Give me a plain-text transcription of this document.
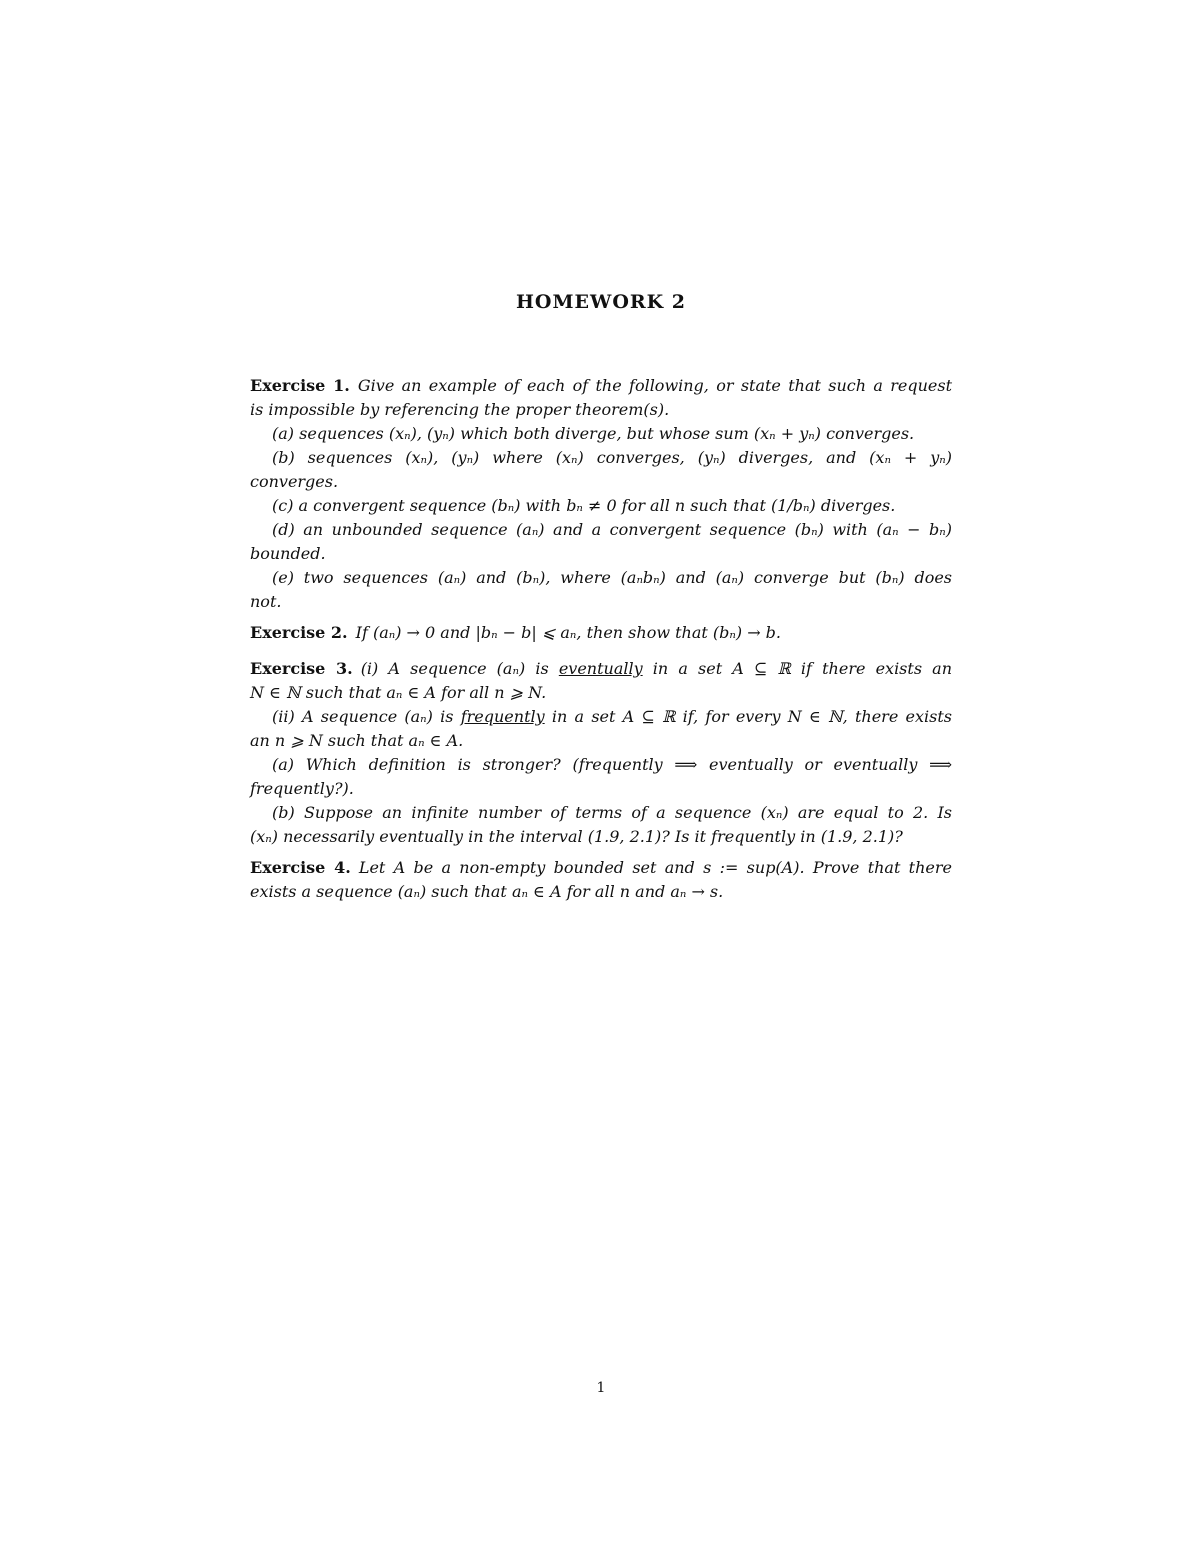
HOMEWORK 2
Exercise 1. Give an example of each of the following, or state that such a request
is impossible by referencing the proper theorem(s).
(a) sequences (xₙ), (yₙ) which both diverge, but whose sum (xₙ + yₙ) converges.
(b) sequences (xₙ), (yₙ) where (xₙ) converges, (yₙ) diverges, and (xₙ + yₙ)
converges.
(c) a convergent sequence (bₙ) with bₙ ≠ 0 for all n such that (1/bₙ) diverges.
(d) an unbounded sequence (aₙ) and a convergent sequence (bₙ) with (aₙ − bₙ)
bounded.
(e) two sequences (aₙ) and (bₙ), where (aₙbₙ) and (aₙ) converge but (bₙ) does
not.
Exercise 2. If (aₙ) → 0 and |bₙ − b| ⩽ aₙ, then show that (bₙ) → b.
Exercise 3. (i) A sequence (aₙ) is eventually in a set A ⊆ ℝ if there exists an
N ∈ ℕ such that aₙ ∈ A for all n ⩾ N.
(ii) A sequence (aₙ) is frequently in a set A ⊆ ℝ if, for every N ∈ ℕ, there exists
an n ⩾ N such that aₙ ∈ A.
(a) Which definition is stronger? (frequently ⟹ eventually or eventually ⟹
frequently?).
(b) Suppose an infinite number of terms of a sequence (xₙ) are equal to 2. Is
(xₙ) necessarily eventually in the interval (1.9, 2.1)? Is it frequently in (1.9, 2.1)?
Exercise 4. Let A be a non-empty bounded set and s := sup(A). Prove that there
exists a sequence (aₙ) such that aₙ ∈ A for all n and aₙ → s.
1
